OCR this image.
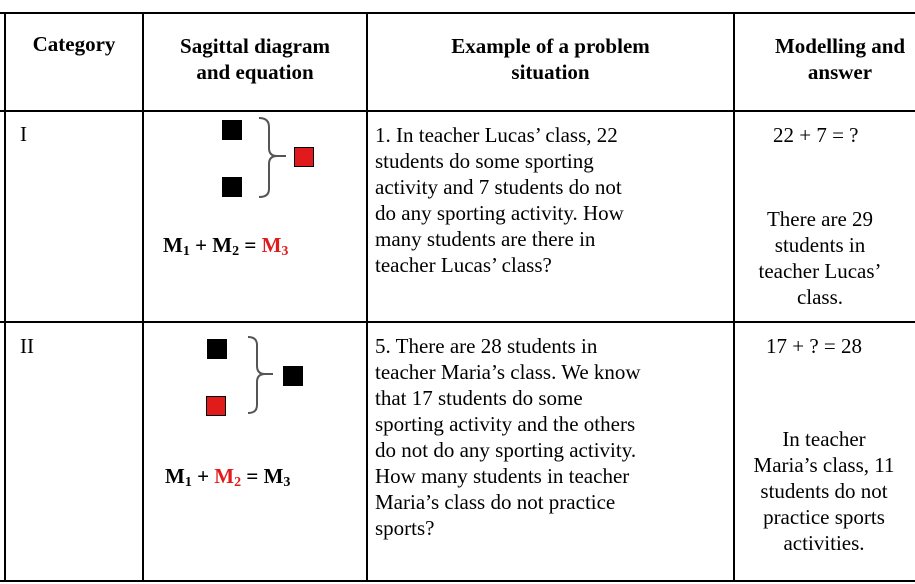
Category	Sagittal diagram
and equation
Example of a problem
situation
Modelling and
answer
I
$M_1 + M_2 = M_3$
1. In teacher Lucas’ class, 22
students do some sporting
activity and 7 students do not
do any sporting activity. How
many students are there in
teacher Lucas’ class?
22 + 7 = ?
There are 29
students in
teacher Lucas’
class.
II
$M_1 + M_2 = M_3$
5. There are 28 students in
teacher Maria’s class. We know
that 17 students do some
sporting activity and the others
do not do any sporting activity.
How many students in teacher
Maria’s class do not practice
sports?
17 + ? = 28
In teacher
Maria’s class, 11
students do not
practice sports
activities.
